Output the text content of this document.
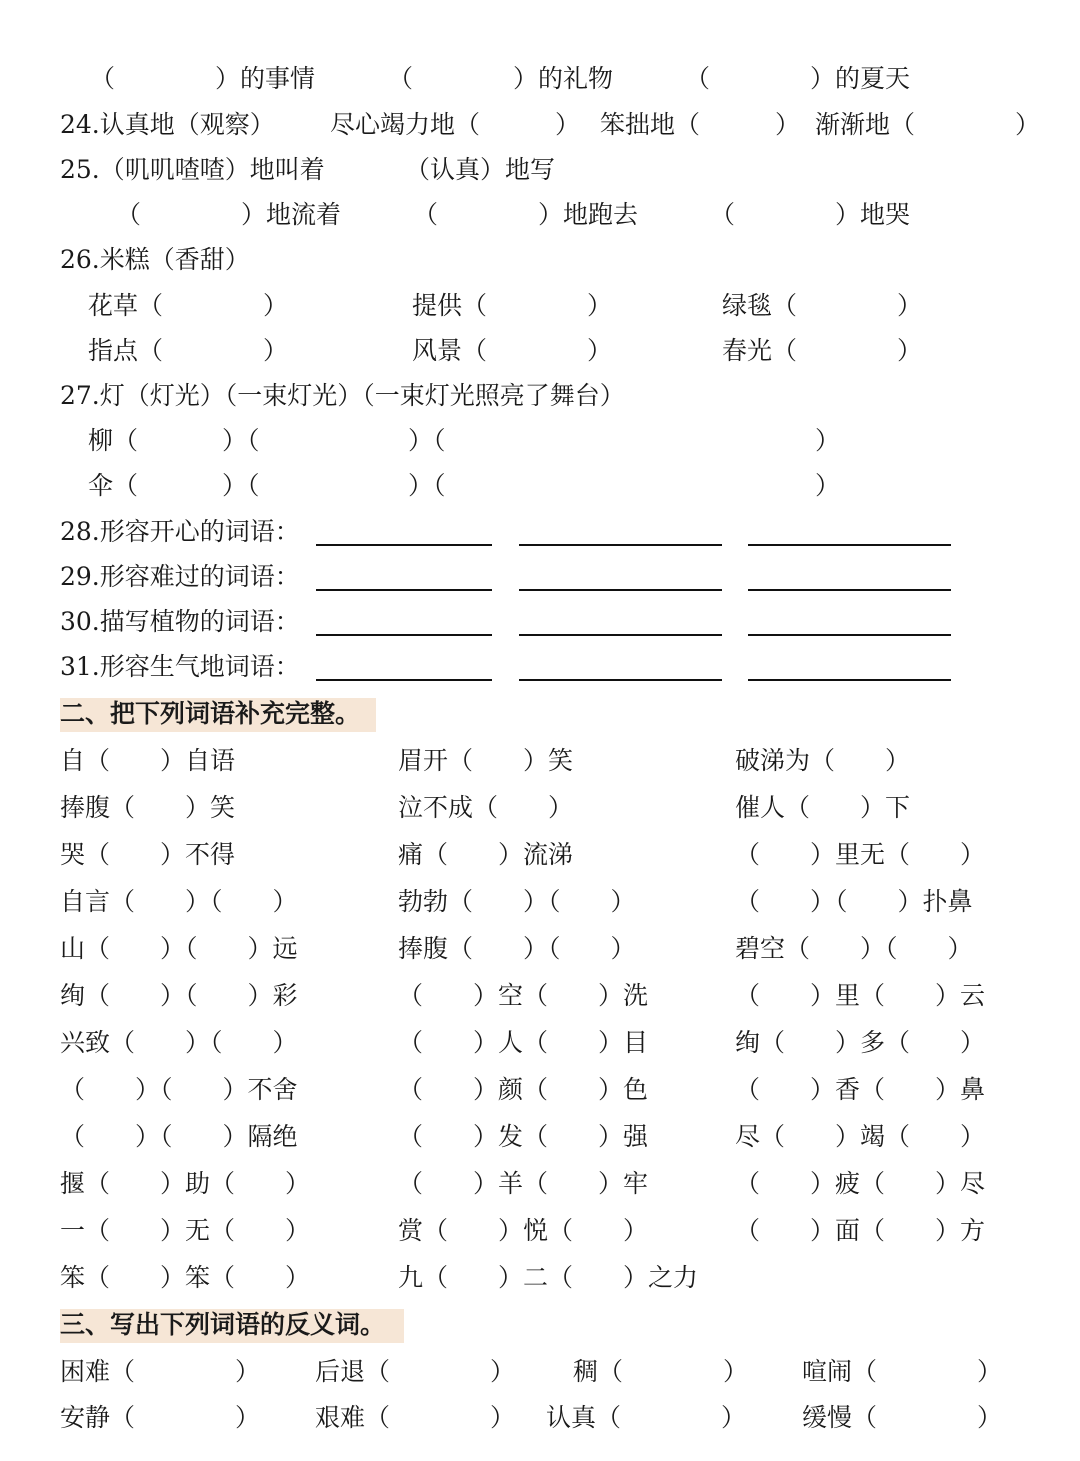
（　　　　）的事情	（　　　　）的礼物	（　　　　）的夏天
24.认真地（观察） 尽心竭力地（　　　） 笨拙地（　　　） 渐渐地（　　　　）
25.（叽叽喳喳）地叫着	（认真）地写
（　　　　）地流着	（　　　　）地跑去	（　　　　）地哭
26.米糕（香甜）
花草（　　　　）	提供（　　　　）	绿毯（　　　　）
指点（　　　　）	风景（　　　　）	春光（　　　　）
27.灯（灯光）（一束灯光）（一束灯光照亮了舞台）
柳（	）（	）（	）
伞（	）（	）（	）
28.形容开心的词语：
29.形容难过的词语：
30.描写植物的词语：
31.形容生气地词语：
二、把下列词语补充完整。
自（　　）自语	眉开（　　）笑	破涕为（　　）
捧腹（　　）笑	泣不成（　　）	催人（　　）下
哭（　　）不得	痛（　　）流涕	（　　）里无（　　）
自言（　　）（　　）	勃勃（　　）（　　）	（　　）（　　）扑鼻
山（　　）（　　）远	捧腹（　　）（　　）	碧空（　　）（　　）
绚（　　）（　　）彩	（　　）空（　　）洗	（　　）里（　　）云
兴致（　　）（　　）	（　　）人（　　）目	绚（　　）多（　　）
（　　）（　　）不舍	（　　）颜（　　）色	（　　）香（　　）鼻
（　　）（　　）隔绝	（　　）发（　　）强	尽（　　）竭（　　）
揠（　　）助（　　）	（　　）羊（　　）牢	（　　）疲（　　）尽
一（　　）无（　　）	赏（　　）悦（　　）	（　　）面（　　）方
笨（　　）笨（　　）	九（　　）二（　　）之力
三、写出下列词语的反义词。
困难（　　　　） 后退（　　　　） 稠（　　　　） 喧闹（　　　　）
安静（　　　　） 艰难（　　　　） 认真（　　　　） 缓慢（　　　　）
